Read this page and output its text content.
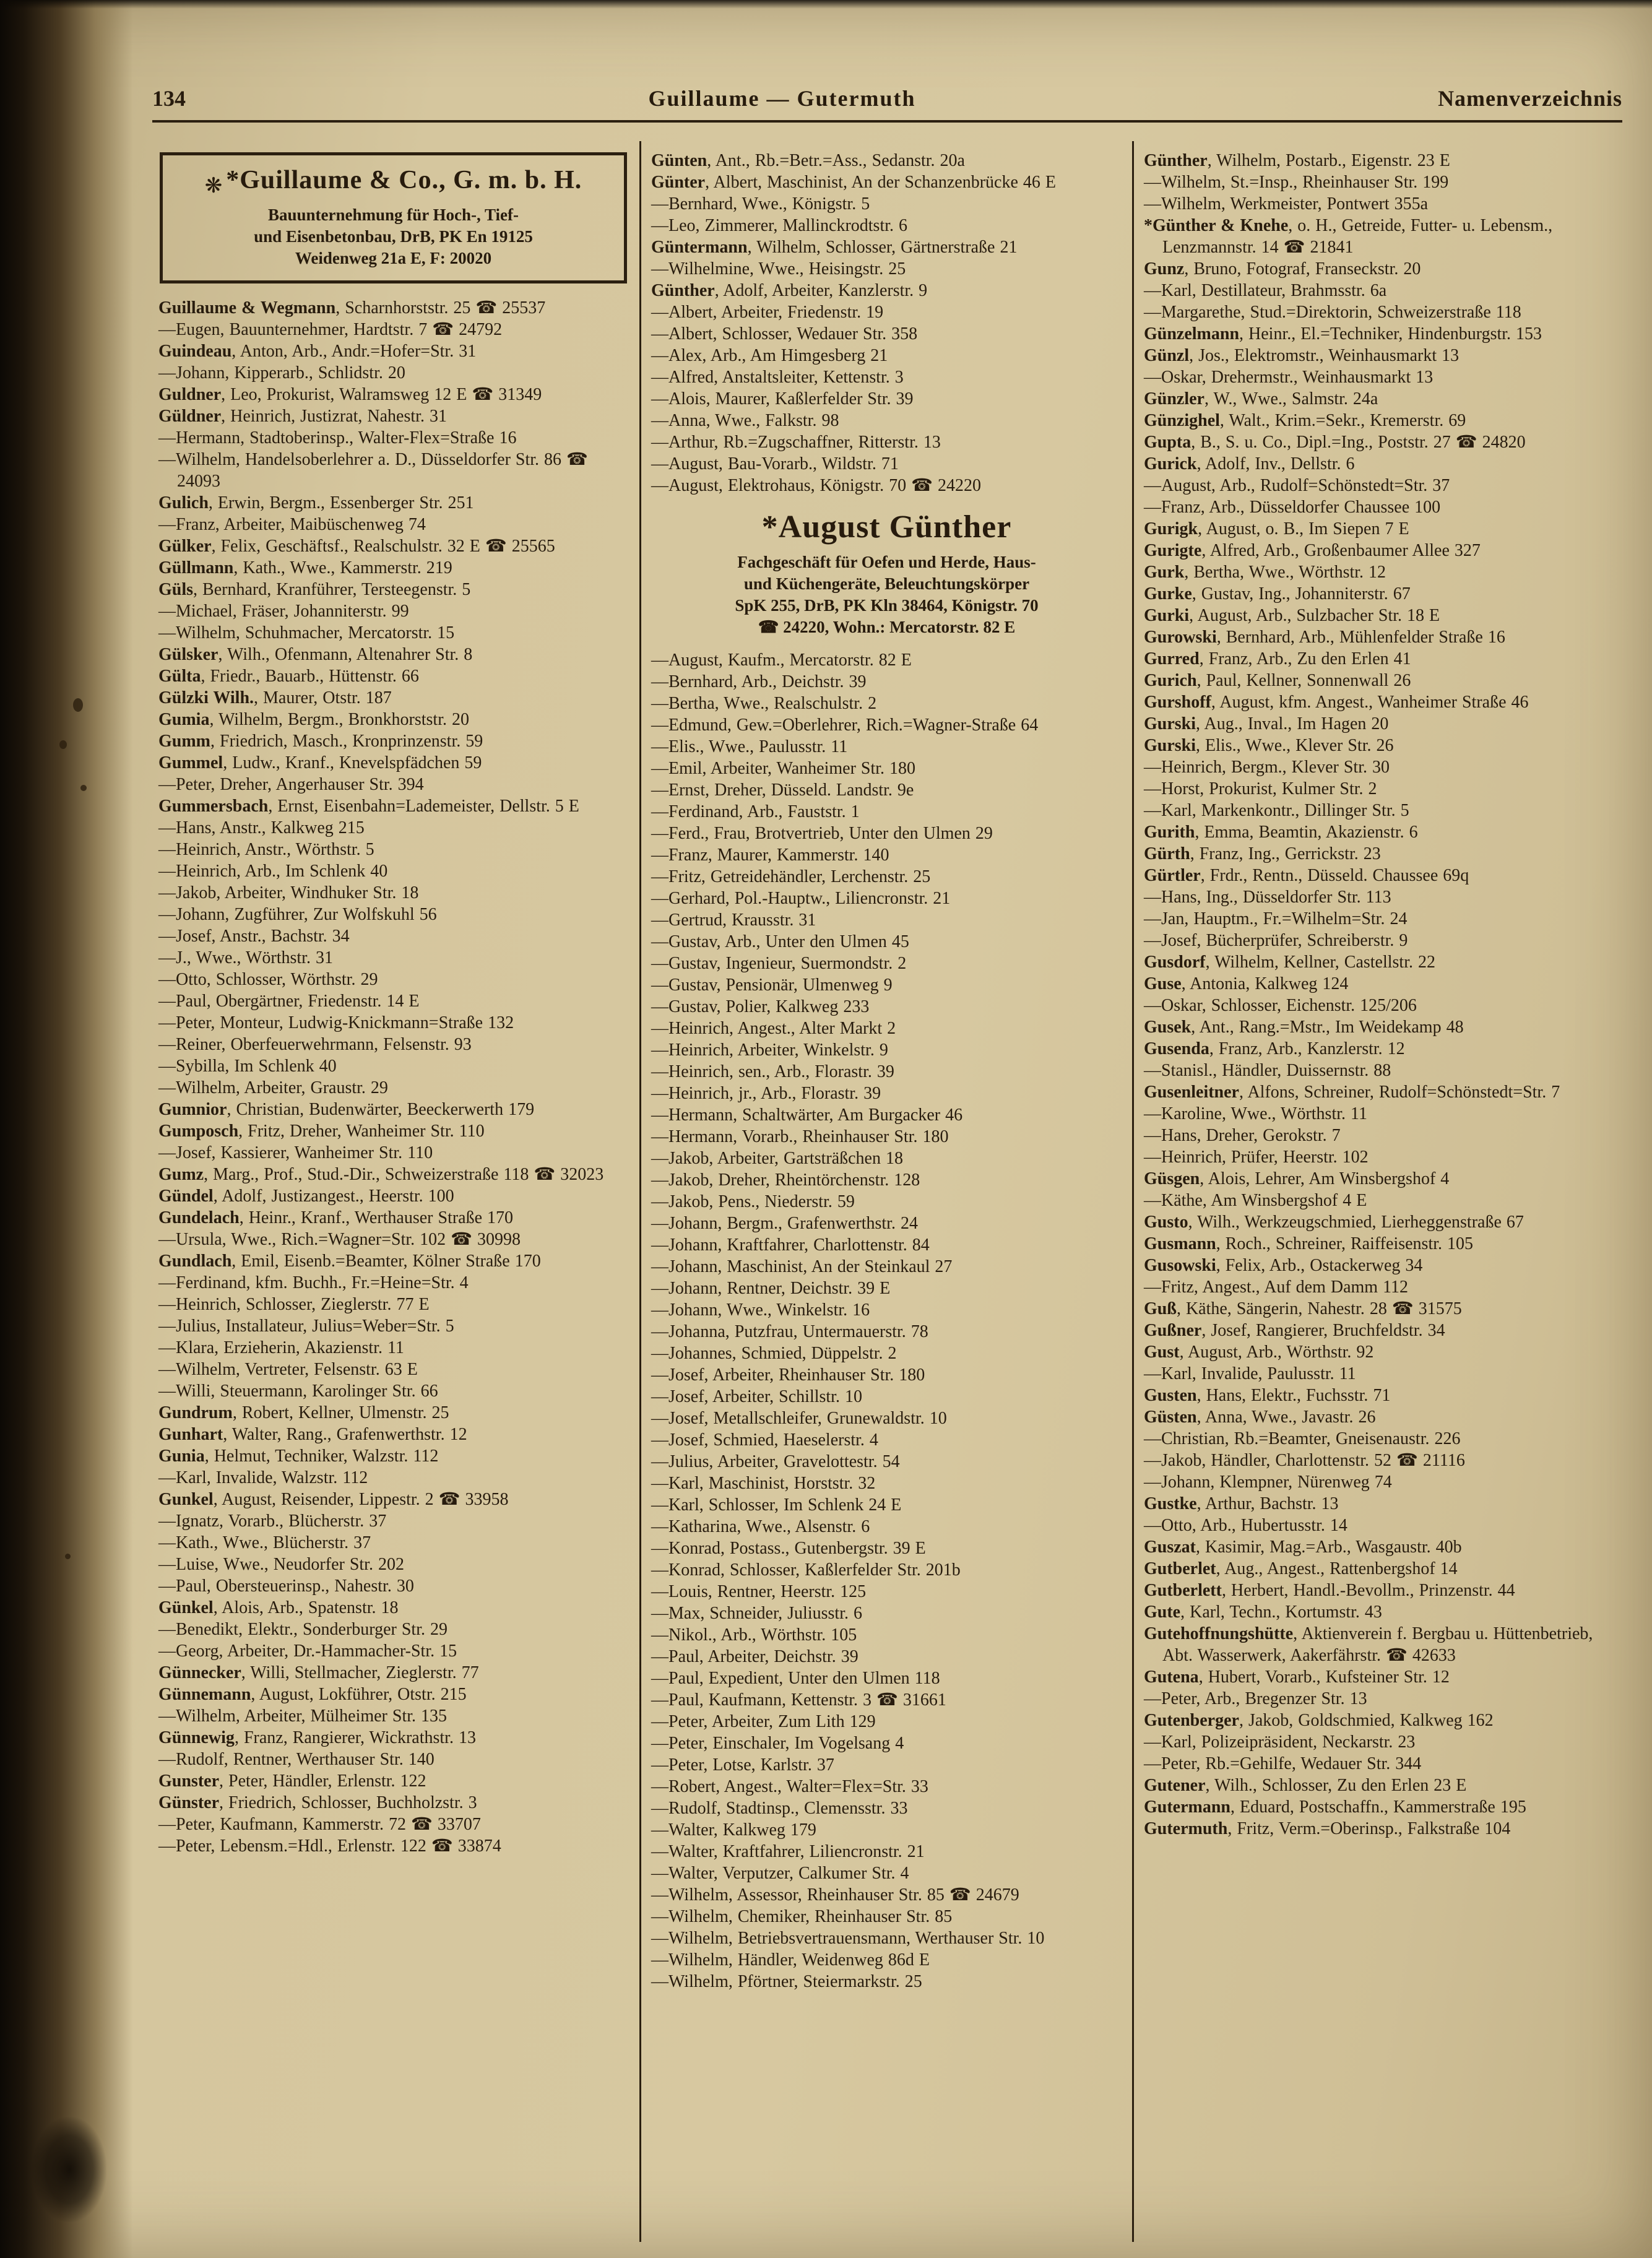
134	Guillaume — Gutermuth	Namenverzeichnis
❋ *Guillaume & Co., G. m. b. H.
Bauunternehmung für Hoch-, Tief-
und Eisenbetonbau, DrB, PK En 19125
Weidenweg 21a E, F: 20020

Guillaume & Wegmann, Scharnhorststr. 25 ☎ 25537

—Eugen, Bauunternehmer, Hardtstr. 7 ☎ 24792

Guindeau, Anton, Arb., Andr.=Hofer=Str. 31

—Johann, Kipperarb., Schlidstr. 20

Guldner, Leo, Prokurist, Walramsweg 12 E ☎ 31349

Güldner, Heinrich, Justizrat, Nahestr. 31

—Hermann, Stadtoberinsp., Walter-Flex=Straße 16

—Wilhelm, Handelsoberlehrer a. D., Düsseldorfer Str. 86 ☎ 24093

Gulich, Erwin, Bergm., Essenberger Str. 251

—Franz, Arbeiter, Maibüschenweg 74

Gülker, Felix, Geschäftsf., Realschulstr. 32 E ☎ 25565

Güllmann, Kath., Wwe., Kammerstr. 219

Güls, Bernhard, Kranführer, Tersteegenstr. 5

—Michael, Fräser, Johanniterstr. 99

—Wilhelm, Schuhmacher, Mercatorstr. 15

Gülsker, Wilh., Ofenmann, Altenahrer Str. 8

Gülta, Friedr., Bauarb., Hüttenstr. 66

Gülzki Wilh., Maurer, Otstr. 187

Gumia, Wilhelm, Bergm., Bronkhorststr. 20

Gumm, Friedrich, Masch., Kronprinzenstr. 59

Gummel, Ludw., Kranf., Knevelspfädchen 59

—Peter, Dreher, Angerhauser Str. 394

Gummersbach, Ernst, Eisenbahn=Lademeister, Dellstr. 5 E

—Hans, Anstr., Kalkweg 215

—Heinrich, Anstr., Wörthstr. 5

—Heinrich, Arb., Im Schlenk 40

—Jakob, Arbeiter, Windhuker Str. 18

—Johann, Zugführer, Zur Wolfskuhl 56

—Josef, Anstr., Bachstr. 34

—J., Wwe., Wörthstr. 31

—Otto, Schlosser, Wörthstr. 29

—Paul, Obergärtner, Friedenstr. 14 E

—Peter, Monteur, Ludwig-Knickmann=Straße 132

—Reiner, Oberfeuerwehrmann, Felsenstr. 93

—Sybilla, Im Schlenk 40

—Wilhelm, Arbeiter, Graustr. 29

Gumnior, Christian, Budenwärter, Beeckerwerth 179

Gumposch, Fritz, Dreher, Wanheimer Str. 110

—Josef, Kassierer, Wanheimer Str. 110

Gumz, Marg., Prof., Stud.-Dir., Schweizerstraße 118 ☎ 32023

Gündel, Adolf, Justizangest., Heerstr. 100

Gundelach, Heinr., Kranf., Werthauser Straße 170

—Ursula, Wwe., Rich.=Wagner=Str. 102 ☎ 30998

Gundlach, Emil, Eisenb.=Beamter, Kölner Straße 170

—Ferdinand, kfm. Buchh., Fr.=Heine=Str. 4

—Heinrich, Schlosser, Zieglerstr. 77 E

—Julius, Installateur, Julius=Weber=Str. 5

—Klara, Erzieherin, Akazienstr. 11

—Wilhelm, Vertreter, Felsenstr. 63 E

—Willi, Steuermann, Karolinger Str. 66

Gundrum, Robert, Kellner, Ulmenstr. 25

Gunhart, Walter, Rang., Grafenwerthstr. 12

Gunia, Helmut, Techniker, Walzstr. 112

—Karl, Invalide, Walzstr. 112

Gunkel, August, Reisender, Lippestr. 2 ☎ 33958

—Ignatz, Vorarb., Blücherstr. 37

—Kath., Wwe., Blücherstr. 37

—Luise, Wwe., Neudorfer Str. 202

—Paul, Obersteuerinsp., Nahestr. 30

Günkel, Alois, Arb., Spatenstr. 18

—Benedikt, Elektr., Sonderburger Str. 29

—Georg, Arbeiter, Dr.-Hammacher-Str. 15

Günnecker, Willi, Stellmacher, Zieglerstr. 77

Günnemann, August, Lokführer, Otstr. 215

—Wilhelm, Arbeiter, Mülheimer Str. 135

Günnewig, Franz, Rangierer, Wickrathstr. 13

—Rudolf, Rentner, Werthauser Str. 140

Gunster, Peter, Händler, Erlenstr. 122

Günster, Friedrich, Schlosser, Buchholzstr. 3

—Peter, Kaufmann, Kammerstr. 72 ☎ 33707

—Peter, Lebensm.=Hdl., Erlenstr. 122 ☎ 33874

Günten, Ant., Rb.=Betr.=Ass., Sedanstr. 20a

Günter, Albert, Maschinist, An der Schanzenbrücke 46 E

—Bernhard, Wwe., Königstr. 5

—Leo, Zimmerer, Mallinckrodtstr. 6

Güntermann, Wilhelm, Schlosser, Gärtnerstraße 21

—Wilhelmine, Wwe., Heisingstr. 25

Günther, Adolf, Arbeiter, Kanzlerstr. 9

—Albert, Arbeiter, Friedenstr. 19

—Albert, Schlosser, Wedauer Str. 358

—Alex, Arb., Am Himgesberg 21

—Alfred, Anstaltsleiter, Kettenstr. 3

—Alois, Maurer, Kaßlerfelder Str. 39

—Anna, Wwe., Falkstr. 98

—Arthur, Rb.=Zugschaffner, Ritterstr. 13

—August, Bau-Vorarb., Wildstr. 71

—August, Elektrohaus, Königstr. 70 ☎ 24220

*August Günther
Fachgeschäft für Oefen und Herde, Haus-
und Küchengeräte, Beleuchtungskörper
SpK 255, DrB, PK Kln 38464, Königstr. 70
☎ 24220, Wohn.: Mercatorstr. 82 E

—August, Kaufm., Mercatorstr. 82 E

—Bernhard, Arb., Deichstr. 39

—Bertha, Wwe., Realschulstr. 2

—Edmund, Gew.=Oberlehrer, Rich.=Wagner-Straße 64

—Elis., Wwe., Paulusstr. 11

—Emil, Arbeiter, Wanheimer Str. 180

—Ernst, Dreher, Düsseld. Landstr. 9e

—Ferdinand, Arb., Fauststr. 1

—Ferd., Frau, Brotvertrieb, Unter den Ulmen 29

—Franz, Maurer, Kammerstr. 140

—Fritz, Getreidehändler, Lerchenstr. 25

—Gerhard, Pol.-Hauptw., Liliencronstr. 21

—Gertrud, Krausstr. 31

—Gustav, Arb., Unter den Ulmen 45

—Gustav, Ingenieur, Suermondstr. 2

—Gustav, Pensionär, Ulmenweg 9

—Gustav, Polier, Kalkweg 233

—Heinrich, Angest., Alter Markt 2

—Heinrich, Arbeiter, Winkelstr. 9

—Heinrich, sen., Arb., Florastr. 39

—Heinrich, jr., Arb., Florastr. 39

—Hermann, Schaltwärter, Am Burgacker 46

—Hermann, Vorarb., Rheinhauser Str. 180

—Jakob, Arbeiter, Gartsträßchen 18

—Jakob, Dreher, Rheintörchenstr. 128

—Jakob, Pens., Niederstr. 59

—Johann, Bergm., Grafenwerthstr. 24

—Johann, Kraftfahrer, Charlottenstr. 84

—Johann, Maschinist, An der Steinkaul 27

—Johann, Rentner, Deichstr. 39 E

—Johann, Wwe., Winkelstr. 16

—Johanna, Putzfrau, Untermauerstr. 78

—Johannes, Schmied, Düppelstr. 2

—Josef, Arbeiter, Rheinhauser Str. 180

—Josef, Arbeiter, Schillstr. 10

—Josef, Metallschleifer, Grunewaldstr. 10

—Josef, Schmied, Haeselerstr. 4

—Julius, Arbeiter, Gravelottestr. 54

—Karl, Maschinist, Horststr. 32

—Karl, Schlosser, Im Schlenk 24 E

—Katharina, Wwe., Alsenstr. 6

—Konrad, Postass., Gutenbergstr. 39 E

—Konrad, Schlosser, Kaßlerfelder Str. 201b

—Louis, Rentner, Heerstr. 125

—Max, Schneider, Juliusstr. 6

—Nikol., Arb., Wörthstr. 105

—Paul, Arbeiter, Deichstr. 39

—Paul, Expedient, Unter den Ulmen 118

—Paul, Kaufmann, Kettenstr. 3 ☎ 31661

—Peter, Arbeiter, Zum Lith 129

—Peter, Einschaler, Im Vogelsang 4

—Peter, Lotse, Karlstr. 37

—Robert, Angest., Walter=Flex=Str. 33

—Rudolf, Stadtinsp., Clemensstr. 33

—Walter, Kalkweg 179

—Walter, Kraftfahrer, Liliencronstr. 21

—Walter, Verputzer, Calkumer Str. 4

—Wilhelm, Assessor, Rheinhauser Str. 85 ☎ 24679

—Wilhelm, Chemiker, Rheinhauser Str. 85

—Wilhelm, Betriebsvertrauensmann, Werthauser Str. 10

—Wilhelm, Händler, Weidenweg 86d E

—Wilhelm, Pförtner, Steiermarkstr. 25

Günther, Wilhelm, Postarb., Eigenstr. 23 E

—Wilhelm, St.=Insp., Rheinhauser Str. 199

—Wilhelm, Werkmeister, Pontwert 355a

*Günther & Knehe, o. H., Getreide, Futter- u. Lebensm., Lenzmannstr. 14 ☎ 21841

Gunz, Bruno, Fotograf, Franseckstr. 20

—Karl, Destillateur, Brahmsstr. 6a

—Margarethe, Stud.=Direktorin, Schweizerstraße 118

Günzelmann, Heinr., El.=Techniker, Hindenburgstr. 153

Günzl, Jos., Elektromstr., Weinhausmarkt 13

—Oskar, Drehermstr., Weinhausmarkt 13

Günzler, W., Wwe., Salmstr. 24a

Günzighel, Walt., Krim.=Sekr., Kremerstr. 69

Gupta, B., S. u. Co., Dipl.=Ing., Poststr. 27 ☎ 24820

Gurick, Adolf, Inv., Dellstr. 6

—August, Arb., Rudolf=Schönstedt=Str. 37

—Franz, Arb., Düsseldorfer Chaussee 100

Gurigk, August, o. B., Im Siepen 7 E

Gurigte, Alfred, Arb., Großenbaumer Allee 327

Gurk, Bertha, Wwe., Wörthstr. 12

Gurke, Gustav, Ing., Johanniterstr. 67

Gurki, August, Arb., Sulzbacher Str. 18 E

Gurowski, Bernhard, Arb., Mühlenfelder Straße 16

Gurred, Franz, Arb., Zu den Erlen 41

Gurich, Paul, Kellner, Sonnenwall 26

Gurshoff, August, kfm. Angest., Wanheimer Straße 46

Gurski, Aug., Inval., Im Hagen 20

Gurski, Elis., Wwe., Klever Str. 26

—Heinrich, Bergm., Klever Str. 30

—Horst, Prokurist, Kulmer Str. 2

—Karl, Markenkontr., Dillinger Str. 5

Gurith, Emma, Beamtin, Akazienstr. 6

Gürth, Franz, Ing., Gerrickstr. 23

Gürtler, Frdr., Rentn., Düsseld. Chaussee 69q

—Hans, Ing., Düsseldorfer Str. 113

—Jan, Hauptm., Fr.=Wilhelm=Str. 24

—Josef, Bücherprüfer, Schreiberstr. 9

Gusdorf, Wilhelm, Kellner, Castellstr. 22

Guse, Antonia, Kalkweg 124

—Oskar, Schlosser, Eichenstr. 125/206

Gusek, Ant., Rang.=Mstr., Im Weidekamp 48

Gusenda, Franz, Arb., Kanzlerstr. 12

—Stanisl., Händler, Duissernstr. 88

Gusenleitner, Alfons, Schreiner, Rudolf=Schönstedt=Str. 7

—Karoline, Wwe., Wörthstr. 11

—Hans, Dreher, Gerokstr. 7

—Heinrich, Prüfer, Heerstr. 102

Güsgen, Alois, Lehrer, Am Winsbergshof 4

—Käthe, Am Winsbergshof 4 E

Gusto, Wilh., Werkzeugschmied, Lierheggenstraße 67

Gusmann, Roch., Schreiner, Raiffeisenstr. 105

Gusowski, Felix, Arb., Ostackerweg 34

—Fritz, Angest., Auf dem Damm 112

Guß, Käthe, Sängerin, Nahestr. 28 ☎ 31575

Gußner, Josef, Rangierer, Bruchfeldstr. 34

Gust, August, Arb., Wörthstr. 92

—Karl, Invalide, Paulusstr. 11

Gusten, Hans, Elektr., Fuchsstr. 71

Güsten, Anna, Wwe., Javastr. 26

—Christian, Rb.=Beamter, Gneisenaustr. 226

—Jakob, Händler, Charlottenstr. 52 ☎ 21116

—Johann, Klempner, Nürenweg 74

Gustke, Arthur, Bachstr. 13

—Otto, Arb., Hubertusstr. 14

Guszat, Kasimir, Mag.=Arb., Wasgaustr. 40b

Gutberlet, Aug., Angest., Rattenbergshof 14

Gutberlett, Herbert, Handl.-Bevollm., Prinzenstr. 44

Gute, Karl, Techn., Kortumstr. 43

Gutehoffnungshütte, Aktienverein f. Bergbau u. Hüttenbetrieb, Abt. Wasserwerk, Aakerfährstr. ☎ 42633

Gutena, Hubert, Vorarb., Kufsteiner Str. 12

—Peter, Arb., Bregenzer Str. 13

Gutenberger, Jakob, Goldschmied, Kalkweg 162

—Karl, Polizeipräsident, Neckarstr. 23

—Peter, Rb.=Gehilfe, Wedauer Str. 344

Gutener, Wilh., Schlosser, Zu den Erlen 23 E

Gutermann, Eduard, Postschaffn., Kammerstraße 195

Gutermuth, Fritz, Verm.=Oberinsp., Falkstraße 104
